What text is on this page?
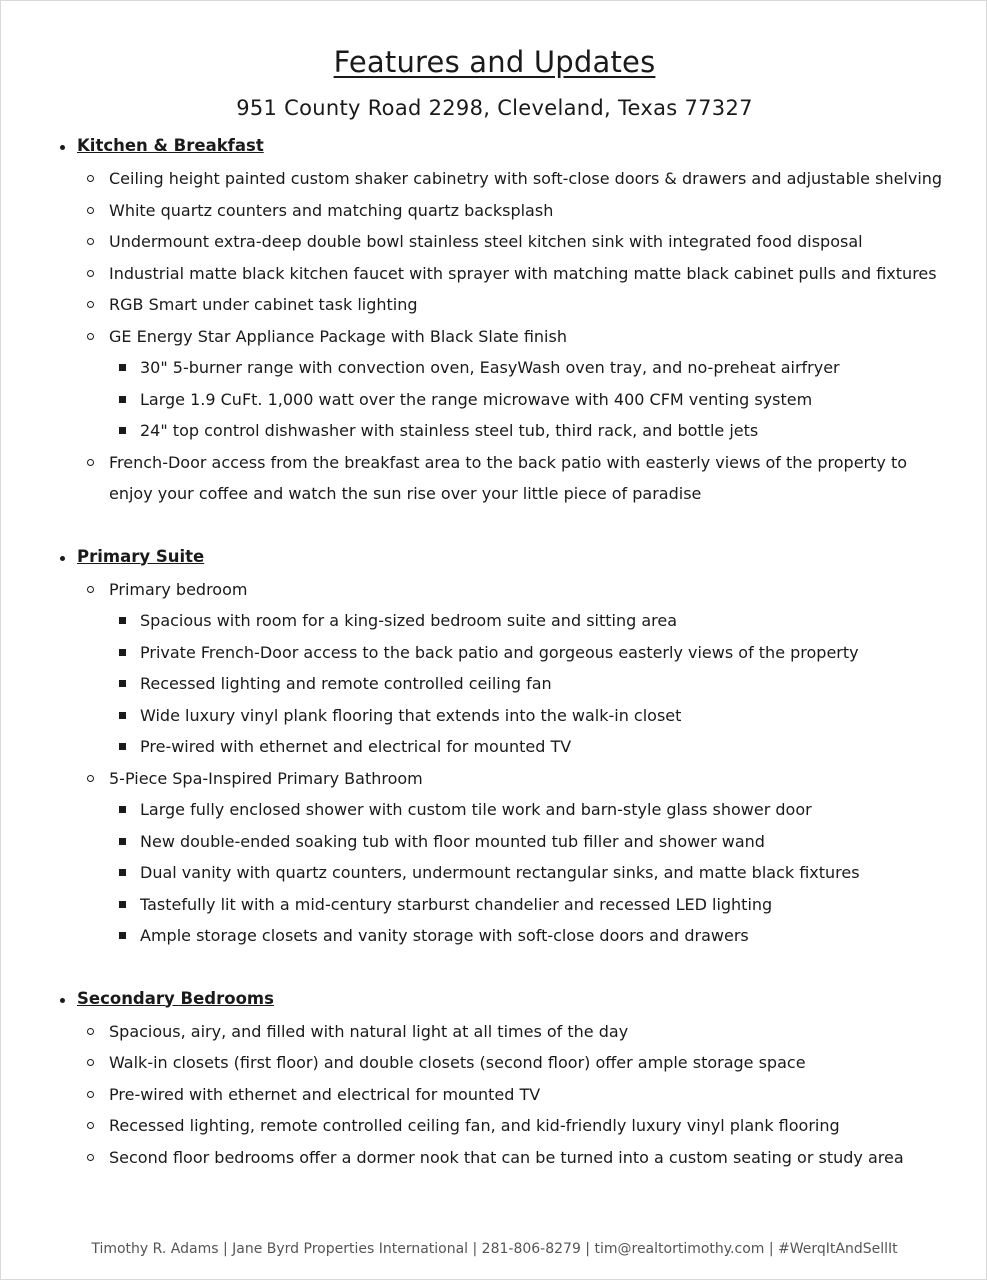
Features and Updates
951 County Road 2298, Cleveland, Texas 77327
Kitchen & Breakfast
Ceiling height painted custom shaker cabinetry with soft-close doors & drawers and adjustable shelving
White quartz counters and matching quartz backsplash
Undermount extra-deep double bowl stainless steel kitchen sink with integrated food disposal
Industrial matte black kitchen faucet with sprayer with matching matte black cabinet pulls and fixtures
RGB Smart under cabinet task lighting
GE Energy Star Appliance Package with Black Slate finish
30" 5-burner range with convection oven, EasyWash oven tray, and no-preheat airfryer
Large 1.9 CuFt. 1,000 watt over the range microwave with 400 CFM venting system
24" top control dishwasher with stainless steel tub, third rack, and bottle jets
French-Door access from the breakfast area to the back patio with easterly views of the property to
enjoy your coffee and watch the sun rise over your little piece of paradise
Primary Suite
Primary bedroom
Spacious with room for a king-sized bedroom suite and sitting area
Private French-Door access to the back patio and gorgeous easterly views of the property
Recessed lighting and remote controlled ceiling fan
Wide luxury vinyl plank flooring that extends into the walk-in closet
Pre-wired with ethernet and electrical for mounted TV
5-Piece Spa-Inspired Primary Bathroom
Large fully enclosed shower with custom tile work and barn-style glass shower door
New double-ended soaking tub with floor mounted tub filler and shower wand
Dual vanity with quartz counters, undermount rectangular sinks, and matte black fixtures
Tastefully lit with a mid-century starburst chandelier and recessed LED lighting
Ample storage closets and vanity storage with soft-close doors and drawers
Secondary Bedrooms
Spacious, airy, and filled with natural light at all times of the day
Walk-in closets (first floor) and double closets (second floor) offer ample storage space
Pre-wired with ethernet and electrical for mounted TV
Recessed lighting, remote controlled ceiling fan, and kid-friendly luxury vinyl plank flooring
Second floor bedrooms offer a dormer nook that can be turned into a custom seating or study area
Timothy R. Adams | Jane Byrd Properties International | 281-806-8279 | tim@realtortimothy.com | #WerqItAndSellIt
